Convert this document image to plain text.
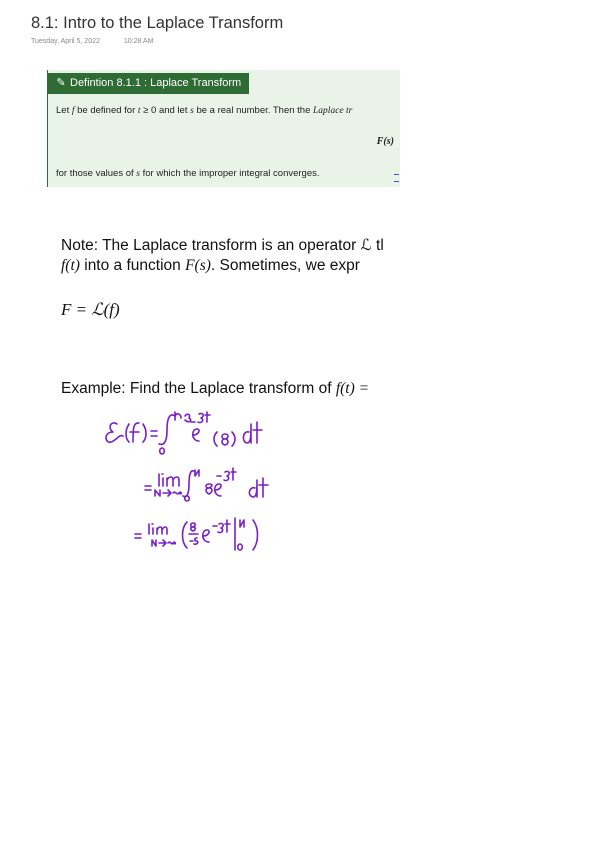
8.1: Intro to the Laplace Transform
Tuesday, April 5, 2022	10:28 AM
✎ Defintion 8.1.1 : Laplace Transform
Let f be defined for t ≥ 0 and let s be a real number. Then the Laplace tr
F(s)
for those values of s for which the improper integral converges.
Note: The Laplace transform is an operator ℒ tl
f(t) into a function F(s). Sometimes, we expr
F = ℒ(f)
Example: Find the Laplace transform of f(t) =
